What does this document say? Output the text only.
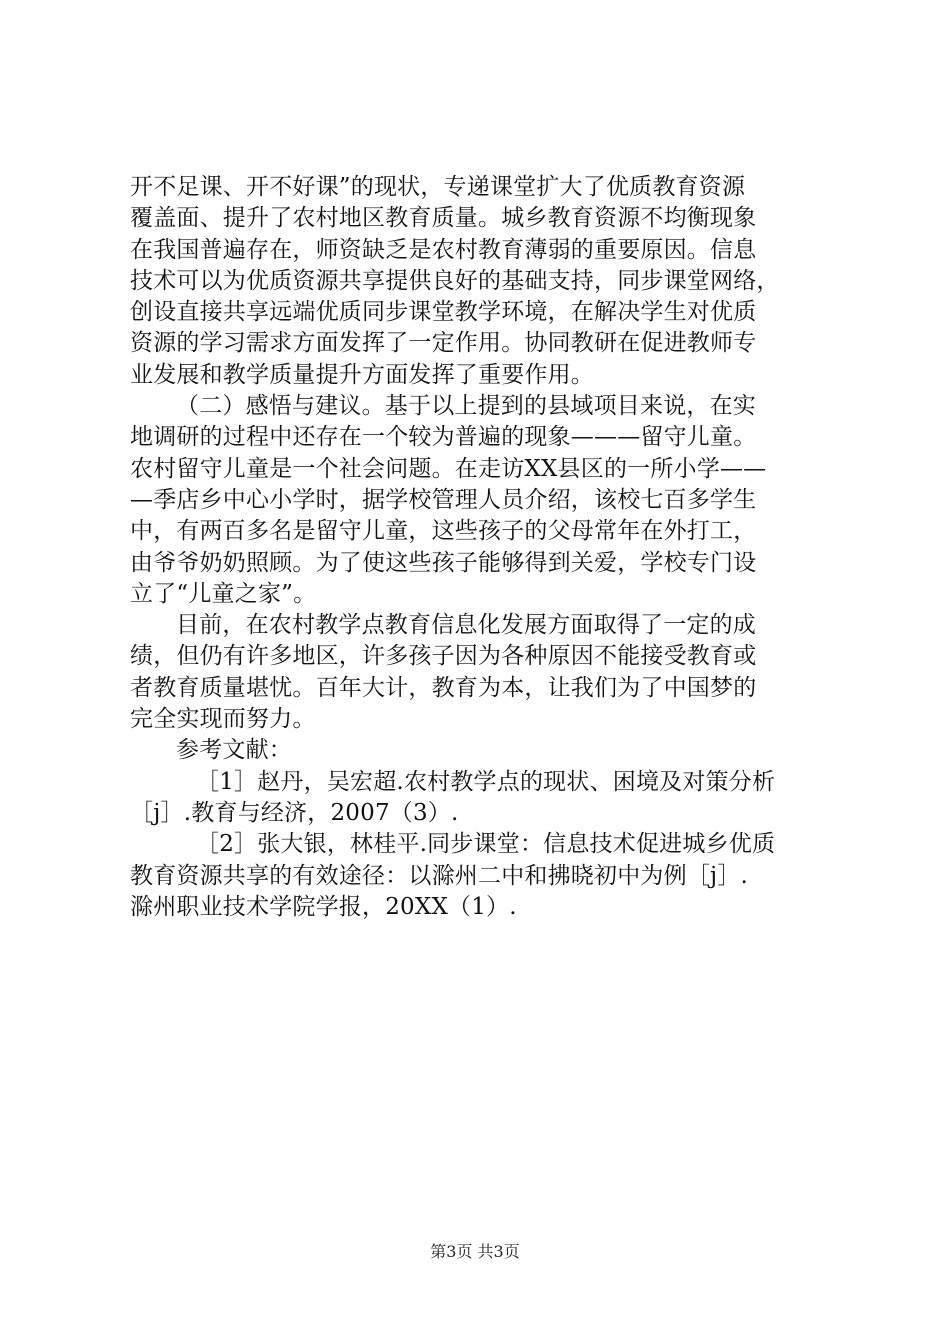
开不足课、开不好课”的现状，专递课堂扩大了优质教育资源
覆盖面、提升了农村地区教育质量。城乡教育资源不均衡现象
在我国普遍存在，师资缺乏是农村教育薄弱的重要原因。信息
技术可以为优质资源共享提供良好的基础支持，同步课堂网络，
创设直接共享远端优质同步课堂教学环境，在解决学生对优质
资源的学习需求方面发挥了一定作用。协同教研在促进教师专
业发展和教学质量提升方面发挥了重要作用。
（二）感悟与建议。基于以上提到的县域项目来说，在实
地调研的过程中还存在一个较为普遍的现象———留守儿童。
农村留守儿童是一个社会问题。在走访XX县区的一所小学——
—季店乡中心小学时，据学校管理人员介绍，该校七百多学生
中，有两百多名是留守儿童，这些孩子的父母常年在外打工，
由爷爷奶奶照顾。为了使这些孩子能够得到关爱，学校专门设
立了“儿童之家”。
目前，在农村教学点教育信息化发展方面取得了一定的成
绩，但仍有许多地区，许多孩子因为各种原因不能接受教育或
者教育质量堪忧。百年大计，教育为本，让我们为了中国梦的
完全实现而努力。
参考文献：
［1］赵丹，吴宏超.农村教学点的现状、困境及对策分析
［j］.教育与经济，2007（3）.
［2］张大银，林桂平.同步课堂：信息技术促进城乡优质
教育资源共享的有效途径：以滁州二中和拂晓初中为例［j］.
滁州职业技术学院学报，20XX（1）.
第3页 共3页
